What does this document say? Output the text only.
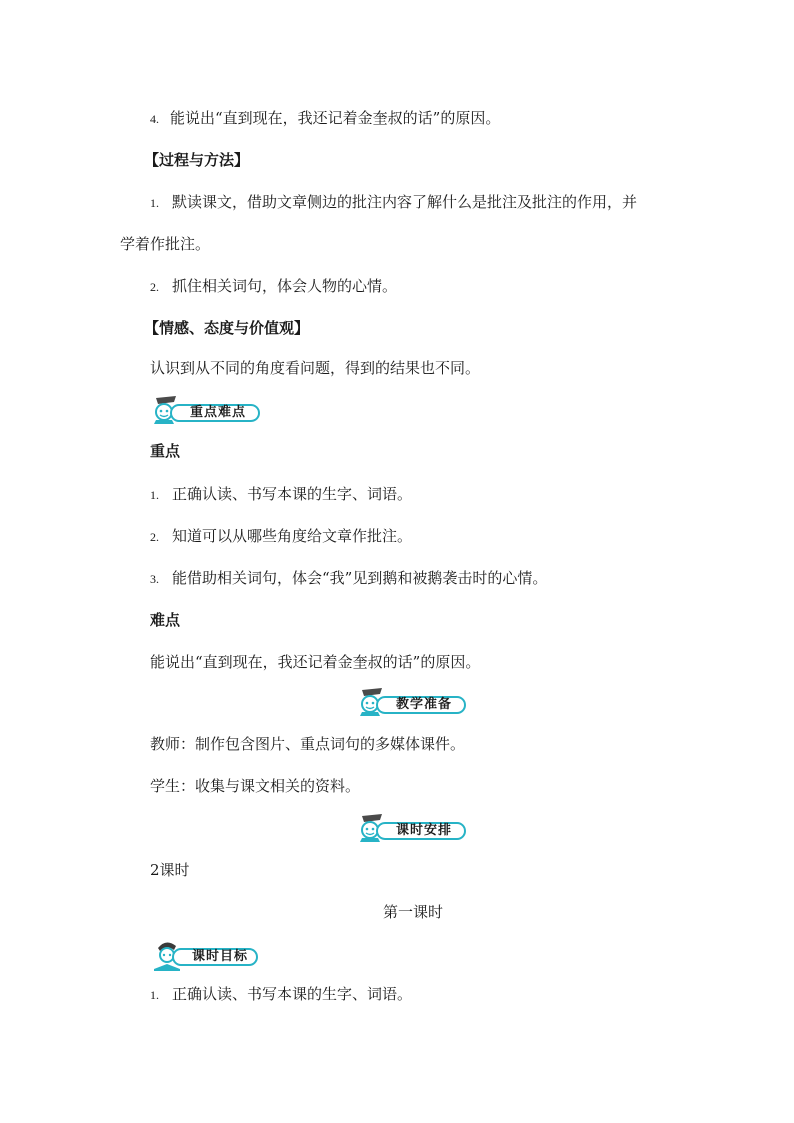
4. 能说出“直到现在，我还记着金奎叔的话”的原因。
【过程与方法】
1. 默读课文，借助文章侧边的批注内容了解什么是批注及批注的作用，并
学着作批注。
2. 抓住相关词句，体会人物的心情。
【情感、态度与价值观】
认识到从不同的角度看问题，得到的结果也不同。
重点难点
重点
1. 正确认读、书写本课的生字、词语。
2. 知道可以从哪些角度给文章作批注。
3. 能借助相关词句，体会“我”见到鹅和被鹅袭击时的心情。
难点
能说出“直到现在，我还记着金奎叔的话”的原因。
教学准备
教师：制作包含图片、重点词句的多媒体课件。
学生：收集与课文相关的资料。
课时安排
2课时
第一课时
课时目标
1. 正确认读、书写本课的生字、词语。
